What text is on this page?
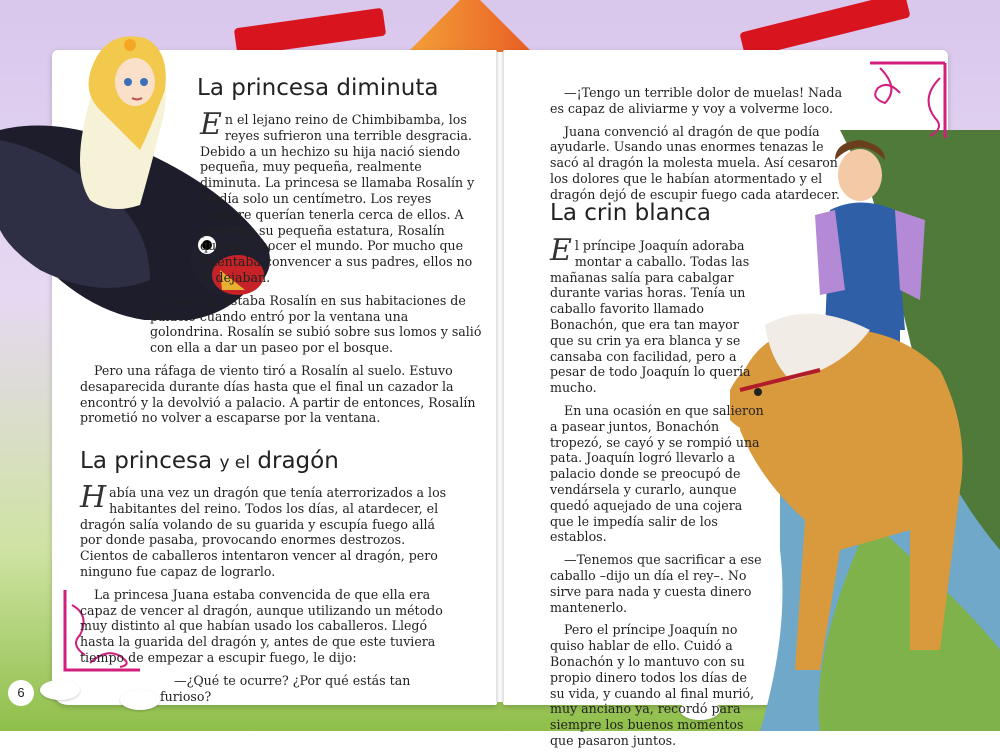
6
La princesa diminuta

En el lejano reino de Chimbibamba, los reyes sufrieron una terrible desgracia. Debido a un hechizo su hija nació siendo pequeña, muy pequeña, realmente diminuta. La princesa se llamaba Rosalín y medía solo un centímetro. Los reyes siempre querían tenerla cerca de ellos. A pesar de su pequeña estatura, Rosalín quería conocer el mundo. Por mucho que intentaba convencer a sus padres, ellos no la dejaban.

Una vez, estaba Rosalín en sus habitaciones de palacio cuando entró por la ventana una golondrina. Rosalín se subió sobre sus lomos y salió con ella a dar un paseo por el bosque.

Pero una ráfaga de viento tiró a Rosalín al suelo. Estuvo desaparecida durante días hasta que el final un cazador la encontró y la devolvió a palacio. A partir de entonces, Rosalín prometió no volver a escaparse por la ventana.

La princesa y el dragón

Había una vez un dragón que tenía aterrorizados a los habitantes del reino. Todos los días, al atardecer, el dragón salía volando de su guarida y escupía fuego allá por donde pasaba, provocando enormes destrozos. Cientos de caballeros intentaron vencer al dragón, pero ninguno fue capaz de lograrlo.

La princesa Juana estaba convencida de que ella era capaz de vencer al dragón, aunque utilizando un método muy distinto al que habían usado los caballeros. Llegó hasta la guarida del dragón y, antes de que este tuviera tiempo de empezar a escupir fuego, le dijo:

—¿Qué te ocurre? ¿Por qué estás tan furioso?

—¡Tengo un terrible dolor de muelas! Nada es capaz de aliviarme y voy a volverme loco.

Juana convenció al dragón de que podía ayudarle. Usando unas enormes tenazas le sacó al dragón la molesta muela. Así cesaron los dolores que le habían atormentado y el dragón dejó de escupir fuego cada atardecer.

La crin blanca

El príncipe Joaquín adoraba montar a caballo. Todas las mañanas salía para cabalgar durante varias horas. Tenía un caballo favorito llamado Bonachón, que era tan mayor que su crin ya era blanca y se cansaba con facilidad, pero a pesar de todo Joaquín lo quería mucho.

En una ocasión en que salieron a pasear juntos, Bonachón tropezó, se cayó y se rompió una pata. Joaquín logró llevarlo a palacio donde se preocupó de vendársela y curarlo, aunque quedó aquejado de una cojera que le impedía salir de los establos.

—Tenemos que sacrificar a ese caballo –dijo un día el rey–. No sirve para nada y cuesta dinero mantenerlo.

Pero el príncipe Joaquín no quiso hablar de ello. Cuidó a Bonachón y lo mantuvo con su propio dinero todos los días de su vida, y cuando al final murió, muy anciano ya, recordó para siempre los buenos momentos que pasaron juntos.
